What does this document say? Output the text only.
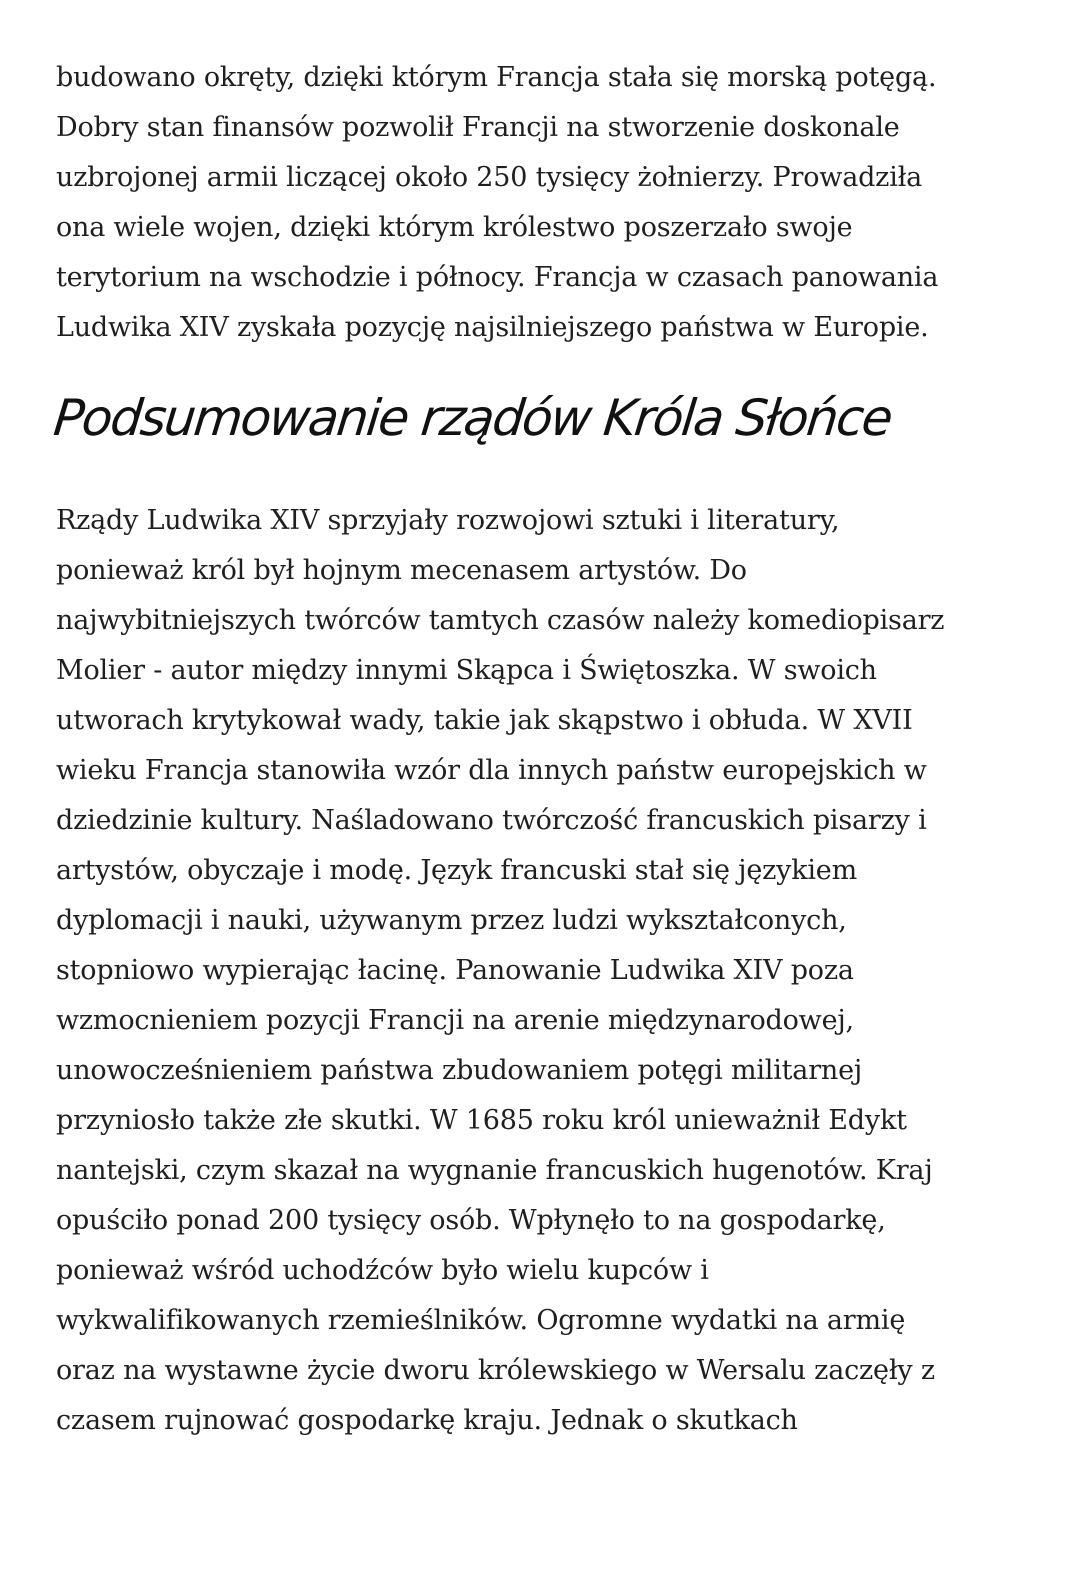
budowano okręty, dzięki którym Francja stała się morską potęgą.

Dobry stan finansów pozwolił Francji na stworzenie doskonale

uzbrojonej armii liczącej około 250 tysięcy żołnierzy. Prowadziła

ona wiele wojen, dzięki którym królestwo poszerzało swoje

terytorium na wschodzie i północy. Francja w czasach panowania

Ludwika XIV zyskała pozycję najsilniejszego państwa w Europie.

Podsumowanie rządów Króla Słońce

Rządy Ludwika XIV sprzyjały rozwojowi sztuki i literatury,

ponieważ król był hojnym mecenasem artystów. Do

najwybitniejszych twórców tamtych czasów należy komediopisarz

Molier - autor między innymi Skąpca i Świętoszka. W swoich

utworach krytykował wady, takie jak skąpstwo i obłuda. W XVII

wieku Francja stanowiła wzór dla innych państw europejskich w

dziedzinie kultury. Naśladowano twórczość francuskich pisarzy i

artystów, obyczaje i modę. Język francuski stał się językiem

dyplomacji i nauki, używanym przez ludzi wykształconych,

stopniowo wypierając łacinę. Panowanie Ludwika XIV poza

wzmocnieniem pozycji Francji na arenie międzynarodowej,

unowocześnieniem państwa zbudowaniem potęgi militarnej

przyniosło także złe skutki. W 1685 roku król unieważnił Edykt

nantejski, czym skazał na wygnanie francuskich hugenotów. Kraj

opuściło ponad 200 tysięcy osób. Wpłynęło to na gospodarkę,

ponieważ wśród uchodźców było wielu kupców i

wykwalifikowanych rzemieślników. Ogromne wydatki na armię

oraz na wystawne życie dworu królewskiego w Wersalu zaczęły z

czasem rujnować gospodarkę kraju. Jednak o skutkach
